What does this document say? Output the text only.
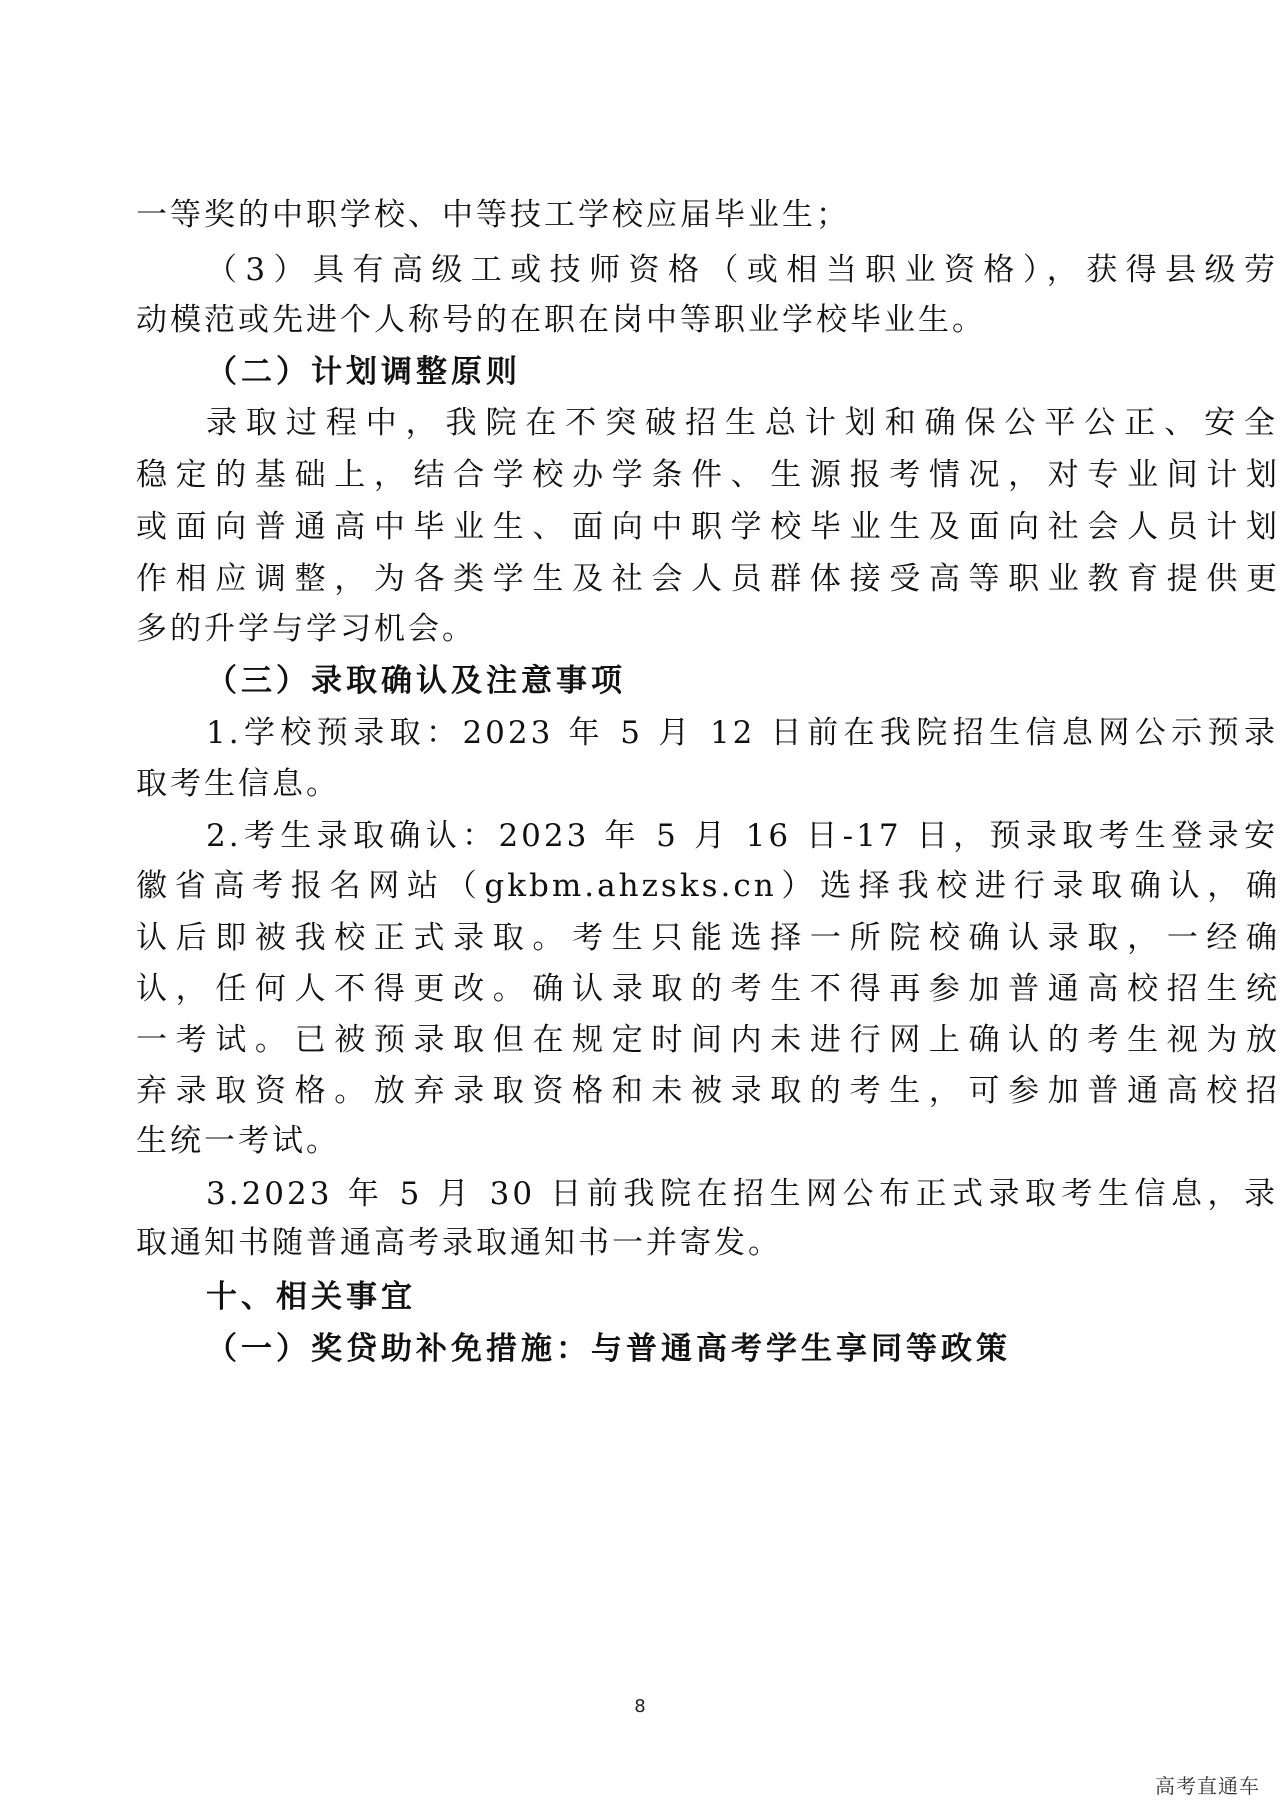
一等奖的中职学校、中等技工学校应届毕业生；
（3）具有高级工或技师资格（或相当职业资格），获得县级劳
动模范或先进个人称号的在职在岗中等职业学校毕业生。
（二）计划调整原则
录取过程中，我院在不突破招生总计划和确保公平公正、安全
稳定的基础上，结合学校办学条件、生源报考情况，对专业间计划
或面向普通高中毕业生、面向中职学校毕业生及面向社会人员计划
作相应调整，为各类学生及社会人员群体接受高等职业教育提供更
多的升学与学习机会。
（三）录取确认及注意事项
1.学校预录取：2023 年 5 月 12 日前在我院招生信息网公示预录
取考生信息。
2.考生录取确认：2023 年 5 月 16 日-17 日，预录取考生登录安
徽省高考报名网站（gkbm.ahzsks.cn）选择我校进行录取确认，确
认后即被我校正式录取。考生只能选择一所院校确认录取，一经确
认，任何人不得更改。确认录取的考生不得再参加普通高校招生统
一考试。已被预录取但在规定时间内未进行网上确认的考生视为放
弃录取资格。放弃录取资格和未被录取的考生，可参加普通高校招
生统一考试。
3.2023 年 5 月 30 日前我院在招生网公布正式录取考生信息，录
取通知书随普通高考录取通知书一并寄发。
十、相关事宜
（一）奖贷助补免措施：与普通高考学生享同等政策
8
高考直通车
